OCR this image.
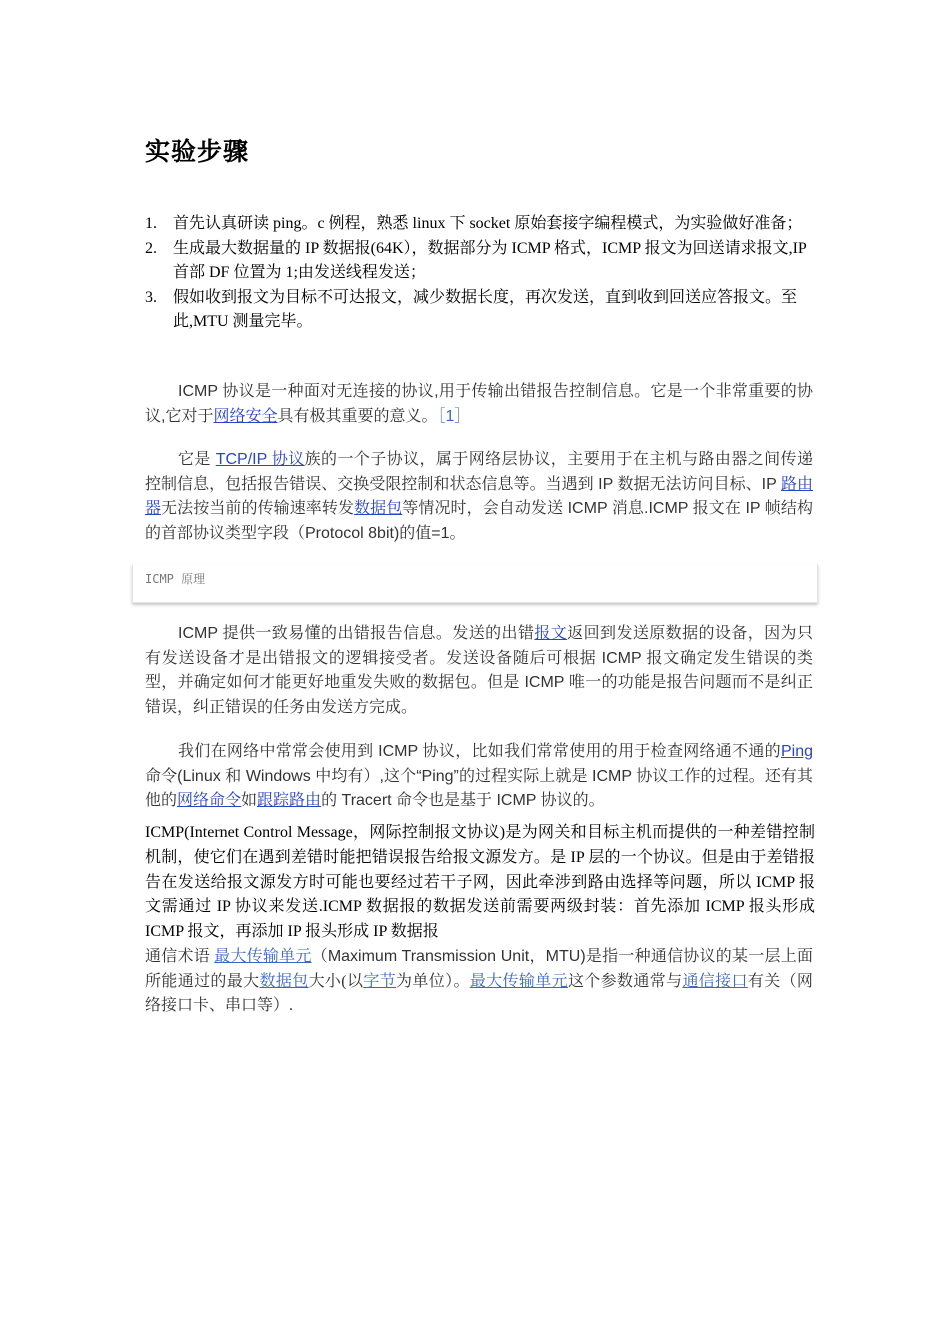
实验步骤
1. 首先认真研读 ping。c 例程，熟悉 linux 下 socket 原始套接字编程模式，为实验做好准备；
2. 生成最大数据量的 IP 数据报(64K），数据部分为 ICMP 格式，ICMP 报文为回送请求报文,IP 首部 DF 位置为 1;由发送线程发送；
3. 假如收到报文为目标不可达报文，减少数据长度，再次发送，直到收到回送应答报文。至此,MTU 测量完毕。

ICMP 协议是一种面对无连接的协议,用于传输出错报告控制信息。它是一个非常重要的协议,它对于网络安全具有极其重要的意义。［1］

它是 TCP/IP 协议族的一个子协议，属于网络层协议，主要用于在主机与路由器之间传递控制信息，包括报告错误、交换受限控制和状态信息等。当遇到 IP 数据无法访问目标、IP 路由器无法按当前的传输速率转发数据包等情况时，会自动发送 ICMP 消息.ICMP 报文在 IP 帧结构的首部协议类型字段（Protocol 8bit)的值=1。

ICMP 原理

ICMP 提供一致易懂的出错报告信息。发送的出错报文返回到发送原数据的设备，因为只有发送设备才是出错报文的逻辑接受者。发送设备随后可根据 ICMP 报文确定发生错误的类型，并确定如何才能更好地重发失败的数据包。但是 ICMP 唯一的功能是报告问题而不是纠正错误，纠正错误的任务由发送方完成。

我们在网络中常常会使用到 ICMP 协议，比如我们常常使用的用于检查网络通不通的Ping 命令(Linux 和 Windows 中均有）,这个“Ping”的过程实际上就是 ICMP 协议工作的过程。还有其他的网络命令如跟踪路由的 Tracert 命令也是基于 ICMP 协议的。

ICMP(Internet Control Message，网际控制报文协议)是为网关和目标主机而提供的一种差错控制机制，使它们在遇到差错时能把错误报告给报文源发方。是 IP 层的一个协议。但是由于差错报告在发送给报文源发方时可能也要经过若干子网，因此牵涉到路由选择等问题，所以 ICMP 报文需通过 IP 协议来发送.ICMP 数据报的数据发送前需要两级封装：首先添加 ICMP 报头形成 ICMP 报文，再添加 IP 报头形成 IP 数据报

通信术语 最大传输单元（Maximum Transmission Unit，MTU)是指一种通信协议的某一层上面所能通过的最大数据包大小(以字节为单位）。最大传输单元这个参数通常与通信接口有关（网络接口卡、串口等）.
